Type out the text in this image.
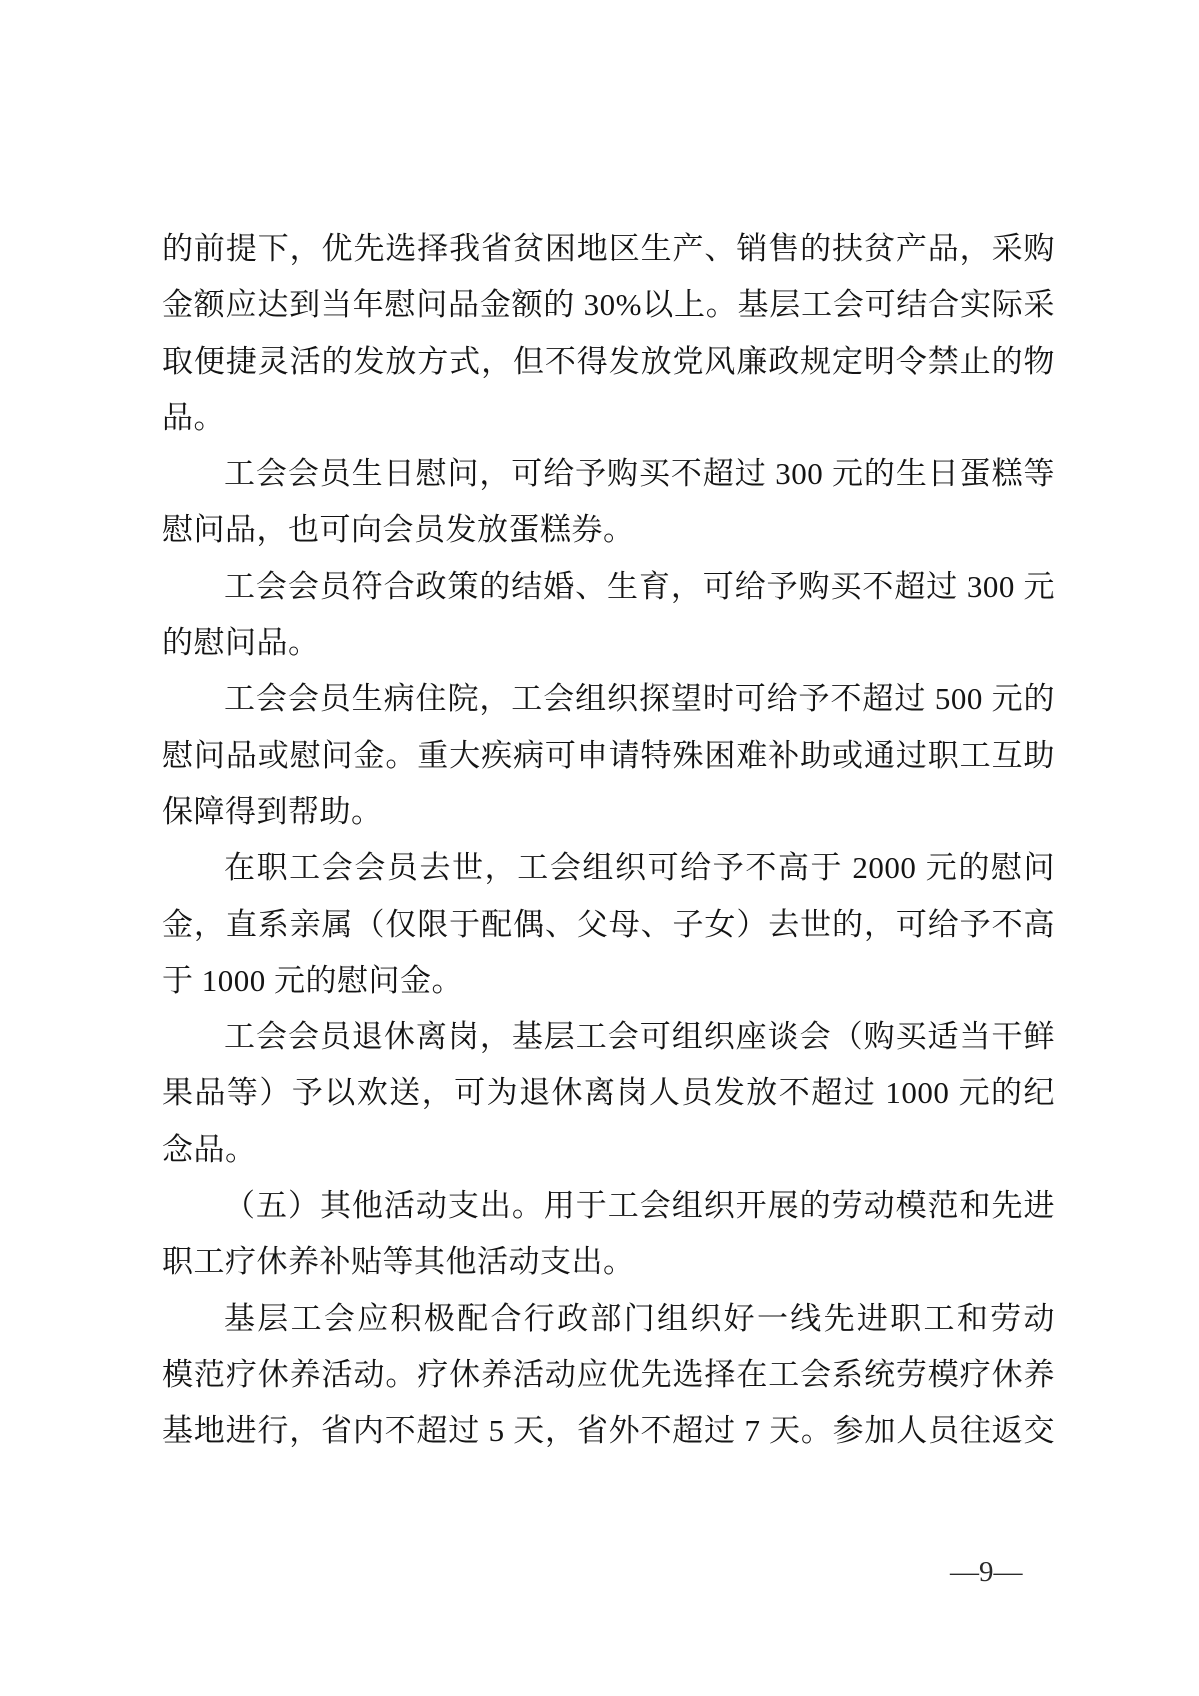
的前提下，优先选择我省贫困地区生产、销售的扶贫产品，采购

金额应达到当年慰问品金额的 30%以上。基层工会可结合实际采

取便捷灵活的发放方式，但不得发放党风廉政规定明令禁止的物

品。

工会会员生日慰问，可给予购买不超过 300 元的生日蛋糕等

慰问品，也可向会员发放蛋糕券。

工会会员符合政策的结婚、生育，可给予购买不超过 300 元

的慰问品。

工会会员生病住院，工会组织探望时可给予不超过 500 元的

慰问品或慰问金。重大疾病可申请特殊困难补助或通过职工互助

保障得到帮助。

在职工会会员去世，工会组织可给予不高于 2000 元的慰问

金，直系亲属（仅限于配偶、父母、子女）去世的，可给予不高

于 1000 元的慰问金。

工会会员退休离岗，基层工会可组织座谈会（购买适当干鲜

果品等）予以欢送，可为退休离岗人员发放不超过 1000 元的纪

念品。

（五）其他活动支出。用于工会组织开展的劳动模范和先进

职工疗休养补贴等其他活动支出。

基层工会应积极配合行政部门组织好一线先进职工和劳动

模范疗休养活动。疗休养活动应优先选择在工会系统劳模疗休养

基地进行，省内不超过 5 天，省外不超过 7 天。参加人员往返交

—9—
